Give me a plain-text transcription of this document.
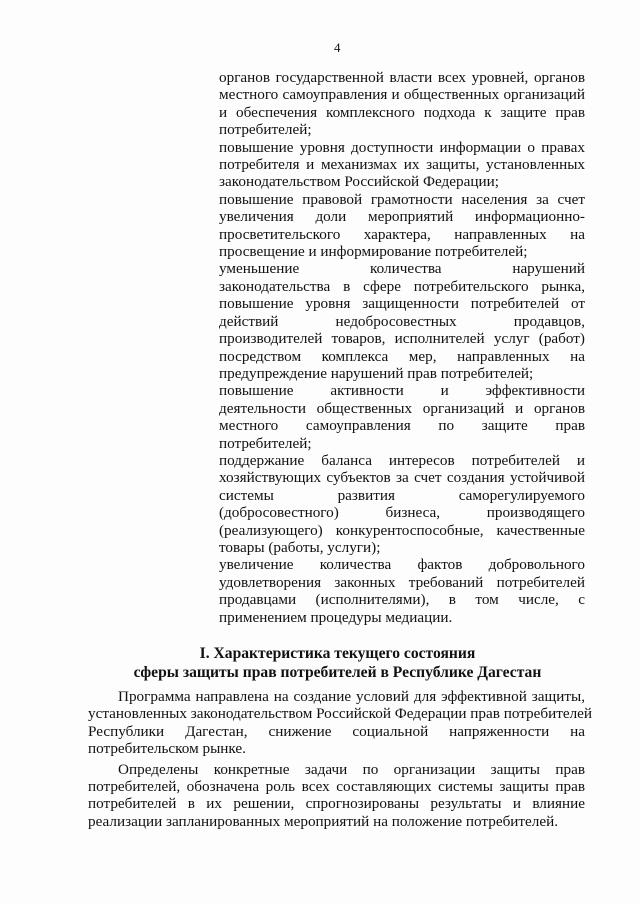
4
органов государственной власти всех уровней, органов
местного самоуправления и общественных организаций
и обеспечения комплексного подхода к защите прав
потребителей;
повышение уровня доступности информации о правах
потребителя и механизмах их защиты, установленных
законодательством Российской Федерации;
повышение правовой грамотности населения за счет
увеличения доли мероприятий информационно-
просветительского характера, направленных на
просвещение и информирование потребителей;
уменьшение количества нарушений
законодательства в сфере потребительского рынка,
повышение уровня защищенности потребителей от
действий недобросовестных продавцов,
производителей товаров, исполнителей услуг (работ)
посредством комплекса мер, направленных на
предупреждение нарушений прав потребителей;
повышение активности и эффективности
деятельности общественных организаций и органов
местного самоуправления по защите прав
потребителей;
поддержание баланса интересов потребителей и
хозяйствующих субъектов за счет создания устойчивой
системы развития саморегулируемого
(добросовестного) бизнеса, производящего
(реализующего) конкурентоспособные, качественные
товары (работы, услуги);
увеличение количества фактов добровольного
удовлетворения законных требований потребителей
продавцами (исполнителями), в том числе, с
применением процедуры медиации.
I. Характеристика текущего состояния
сферы защиты прав потребителей в Республике Дагестан
Программа направлена на создание условий для эффективной защиты,
установленных законодательством Российской Федерации прав потребителей
Республики Дагестан, снижение социальной напряженности на
потребительском рынке.
Определены конкретные задачи по организации защиты прав
потребителей, обозначена роль всех составляющих системы защиты прав
потребителей в их решении, спрогнозированы результаты и влияние
реализации запланированных мероприятий на положение потребителей.
